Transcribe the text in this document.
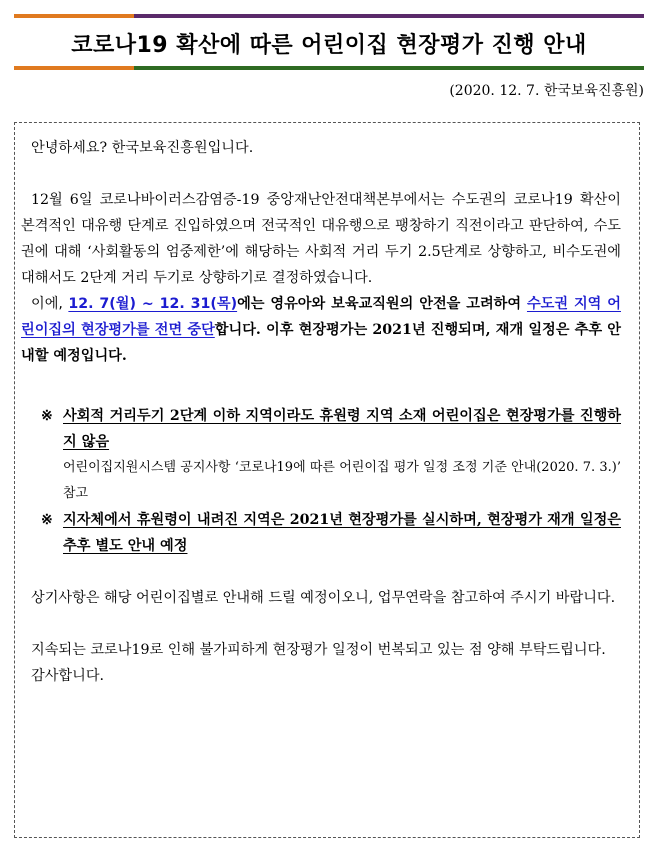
코로나19 확산에 따른 어린이집 현장평가 진행 안내
(2020. 12. 7. 한국보육진흥원)

안녕하세요? 한국보육진흥원입니다.

12월 6일 코로나바이러스감염증-19 중앙재난안전대책본부에서는 수도권의 코로나19 확산이 본격적인 대유행 단계로 진입하였으며 전국적인 대유행으로 팽창하기 직전이라고 판단하여, 수도권에 대해 ‘사회활동의 엄중제한’에 해당하는 사회적 거리 두기 2.5단계로 상향하고, 비수도권에 대해서도 2단계 거리 두기로 상향하기로 결정하였습니다.

이에, 12. 7(월) ~ 12. 31(목)에는 영유아와 보육교직원의 안전을 고려하여 수도권 지역 어린이집의 현장평가를 전면 중단합니다. 이후 현장평가는 2021년 진행되며, 재개 일정은 추후 안내할 예정입니다.

※ 사회적 거리두기 2단계 이하 지역이라도 휴원령 지역 소재 어린이집은 현장평가를 진행하지 않음

어린이집지원시스템 공지사항 ‘코로나19에 따른 어린이집 평가 일정 조정 기준 안내(2020. 7. 3.)’ 참고

※ 지자체에서 휴원령이 내려진 지역은 2021년 현장평가를 실시하며, 현장평가 재개 일정은 추후 별도 안내 예정

상기사항은 해당 어린이집별로 안내해 드릴 예정이오니, 업무연락을 참고하여 주시기 바랍니다.

지속되는 코로나19로 인해 불가피하게 현장평가 일정이 번복되고 있는 점 양해 부탁드립니다.

감사합니다.
